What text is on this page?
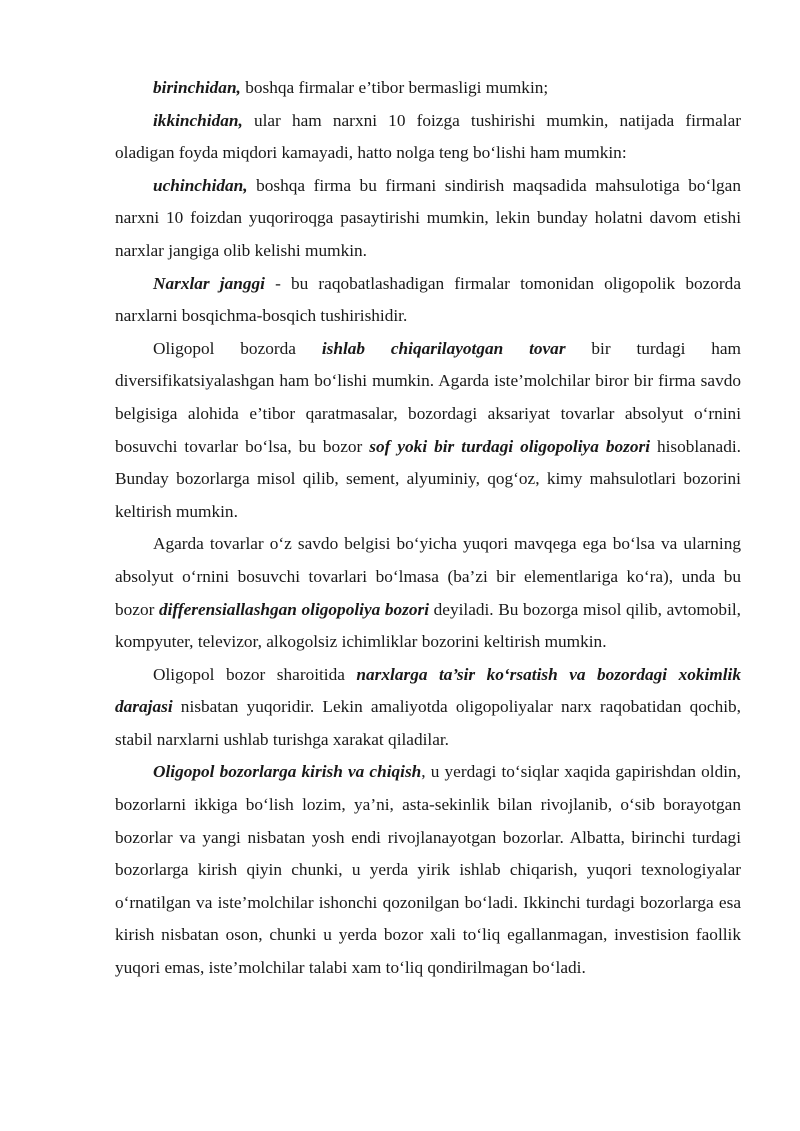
birinchidan, boshqa firmalar e’tibor bermasligi mumkin;

ikkinchidan, ular ham narxni 10 foizga tushirishi mumkin, natijada firmalar oladigan foyda miqdori kamayadi, hatto nolga teng bo‘lishi ham mumkin:

uchinchidan, boshqa firma bu firmani sindirish maqsadida mahsulotiga bo‘lgan narxni 10 foizdan yuqoriroqga pasaytirishi mumkin, lekin bunday holatni davom etishi narxlar jangiga olib kelishi mumkin.

Narxlar janggi - bu raqobatlashadigan firmalar tomonidan oligopolik bozorda narxlarni bosqichma-bosqich tushirishidir.

Oligopol bozorda ishlab chiqarilayotgan tovar bir turdagi ham diversifikatsiyalashgan ham bo‘lishi mumkin. Agarda iste’molchilar biror bir firma savdo belgisiga alohida e’tibor qaratmasalar, bozordagi aksariyat tovarlar absolyut o‘rnini bosuvchi tovarlar bo‘lsa, bu bozor sof yoki bir turdagi oligopoliya bozori hisoblanadi. Bunday bozorlarga misol qilib, sement, alyuminiy, qog‘oz, kimy mahsulotlari bozorini keltirish mumkin.

Agarda tovarlar o‘z savdo belgisi bo‘yicha yuqori mavqega ega bo‘lsa va ularning absolyut o‘rnini bosuvchi tovarlari bo‘lmasa (ba’zi bir elementlariga ko‘ra), unda bu bozor differensiallashgan oligopoliya bozori deyiladi. Bu bozorga misol qilib, avtomobil, kompyuter, televizor, alkogolsiz ichimliklar bozorini keltirish mumkin.

Oligopol bozor sharoitida narxlarga ta’sir ko‘rsatish va bozordagi xokimlik darajasi nisbatan yuqoridir. Lekin amaliyotda oligopoliyalar narx raqobatidan qochib, stabil narxlarni ushlab turishga xarakat qiladilar.

Oligopol bozorlarga kirish va chiqish, u yerdagi to‘siqlar xaqida gapirishdan oldin, bozorlarni ikkiga bo‘lish lozim, ya’ni, asta-sekinlik bilan rivojlanib, o‘sib borayotgan bozorlar va yangi nisbatan yosh endi rivojlanayotgan bozorlar. Albatta, birinchi turdagi bozorlarga kirish qiyin chunki, u yerda yirik ishlab chiqarish, yuqori texnologiyalar o‘rnatilgan va iste’molchilar ishonchi qozonilgan bo‘ladi. Ikkinchi turdagi bozorlarga esa kirish nisbatan oson, chunki u yerda bozor xali to‘liq egallanmagan, investision faollik yuqori emas, iste’molchilar talabi xam to‘liq qondirilmagan bo‘ladi.
